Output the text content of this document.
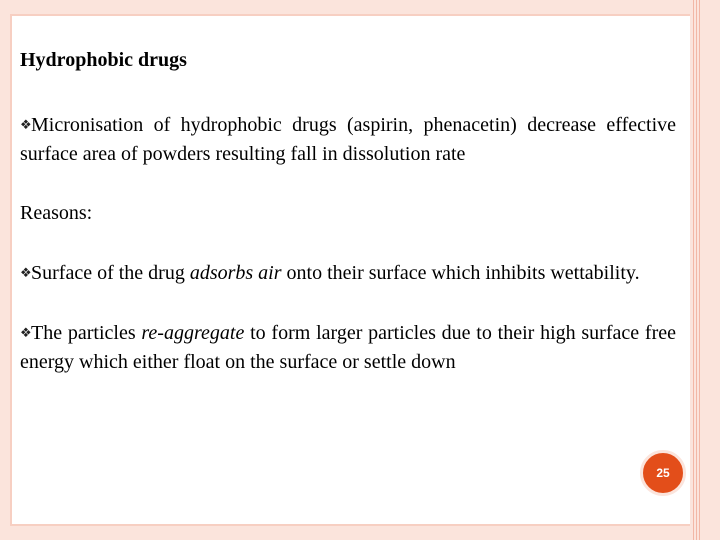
Hydrophobic drugs

❖Micronisation of hydrophobic drugs (aspirin, phenacetin) decrease effective surface area of powders resulting fall in dissolution rate

Reasons:

❖Surface of the drug adsorbs air onto their surface which inhibits wettability.

❖The particles re-aggregate to form larger particles due to their high surface free energy which either float on the surface or settle down

25
